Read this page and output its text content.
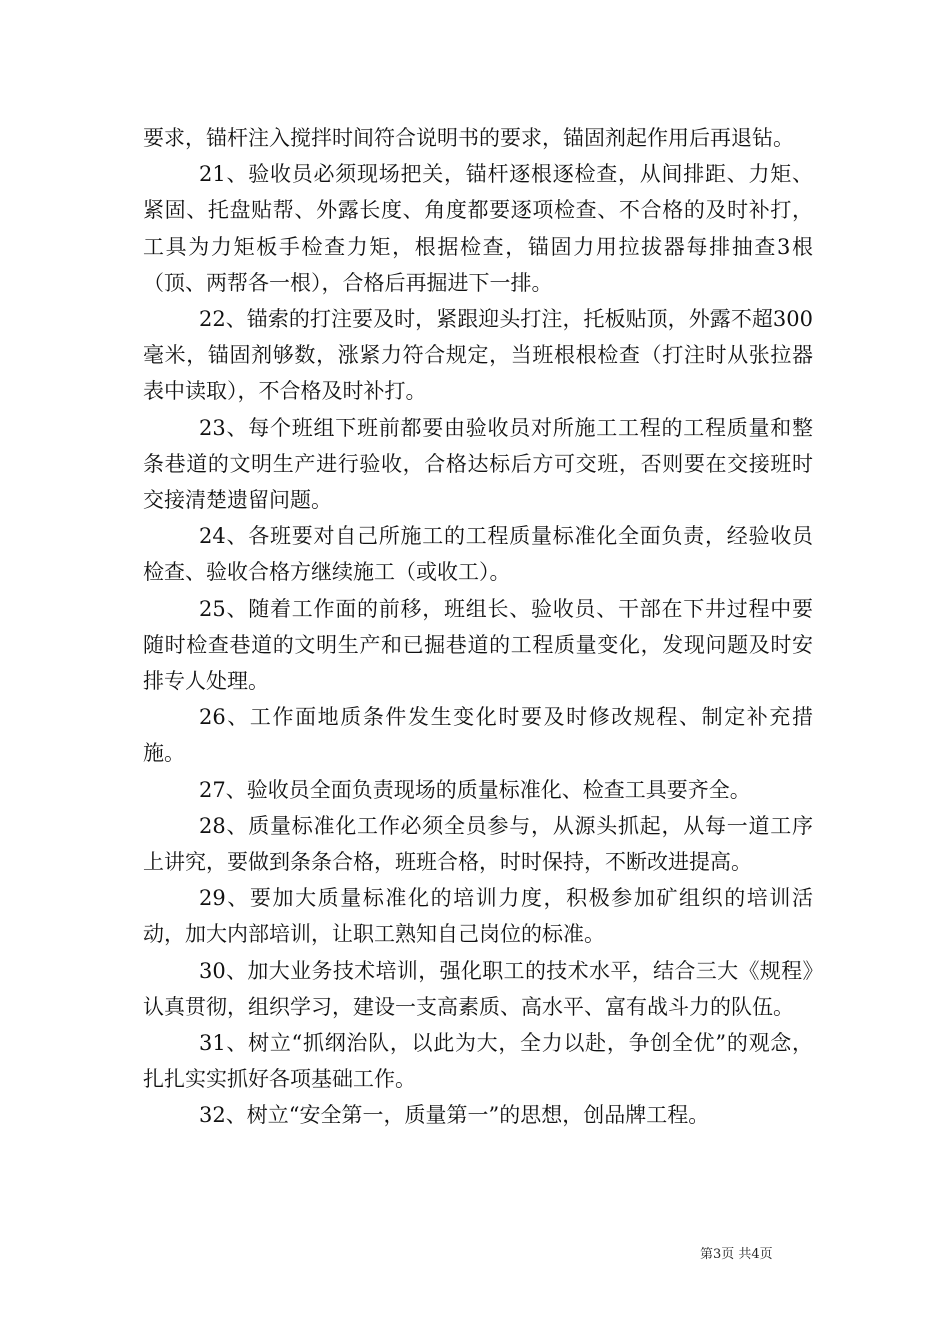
要求，锚杆注入搅拌时间符合说明书的要求，锚固剂起作用后再退钻。

21、验收员必须现场把关，锚杆逐根逐检查，从间排距、力矩、紧固、托盘贴帮、外露长度、角度都要逐项检查、不合格的及时补打，工具为力矩板手检查力矩，根据检查，锚固力用拉拔器每排抽查3根（顶、两帮各一根），合格后再掘进下一排。

22、锚索的打注要及时，紧跟迎头打注，托板贴顶，外露不超300毫米，锚固剂够数，涨紧力符合规定，当班根根检查（打注时从张拉器表中读取），不合格及时补打。

23、每个班组下班前都要由验收员对所施工工程的工程质量和整条巷道的文明生产进行验收，合格达标后方可交班，否则要在交接班时交接清楚遗留问题。

24、各班要对自己所施工的工程质量标准化全面负责，经验收员检查、验收合格方继续施工（或收工）。

25、随着工作面的前移，班组长、验收员、干部在下井过程中要随时检查巷道的文明生产和已掘巷道的工程质量变化，发现问题及时安排专人处理。

26、工作面地质条件发生变化时要及时修改规程、制定补充措施。

27、验收员全面负责现场的质量标准化、检查工具要齐全。

28、质量标准化工作必须全员参与，从源头抓起，从每一道工序上讲究，要做到条条合格，班班合格，时时保持，不断改进提高。

29、要加大质量标准化的培训力度，积极参加矿组织的培训活动，加大内部培训，让职工熟知自己岗位的标准。

30、加大业务技术培训，强化职工的技术水平，结合三大《规程》认真贯彻，组织学习，建设一支高素质、高水平、富有战斗力的队伍。

31、树立“抓纲治队，以此为大，全力以赴，争创全优”的观念，扎扎实实抓好各项基础工作。

32、树立“安全第一，质量第一”的思想，创品牌工程。

第3页 共4页
